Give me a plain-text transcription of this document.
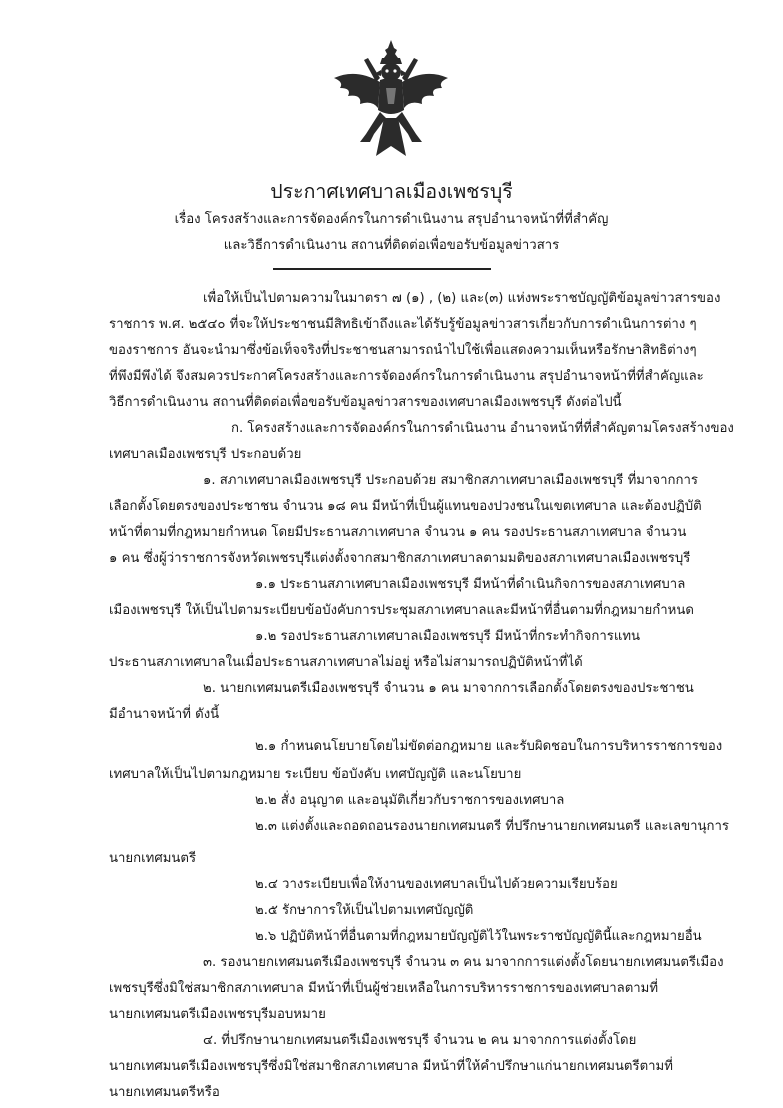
ประกาศเทศบาลเมืองเพชรบุรี
เรื่อง โครงสร้างและการจัดองค์กรในการดำเนินงาน สรุปอำนาจหน้าที่ที่สำคัญ
และวิธีการดำเนินงาน สถานที่ติดต่อเพื่อขอรับข้อมูลข่าวสาร
เพื่อให้เป็นไปตามความในมาตรา ๗ (๑) , (๒) และ(๓) แห่งพระราชบัญญัติข้อมูลข่าวสารของ
ราชการ พ.ศ. ๒๕๔๐ ที่จะให้ประชาชนมีสิทธิเข้าถึงและได้รับรู้ข้อมูลข่าวสารเกี่ยวกับการดำเนินการต่าง ๆ
ของราชการ อันจะนำมาซึ่งข้อเท็จจริงที่ประชาชนสามารถนำไปใช้เพื่อแสดงความเห็นหรือรักษาสิทธิต่างๆ
ที่พึงมีพึงได้ จึงสมควรประกาศโครงสร้างและการจัดองค์กรในการดำเนินงาน สรุปอำนาจหน้าที่ที่สำคัญและ
วิธีการดำเนินงาน สถานที่ติดต่อเพื่อขอรับข้อมูลข่าวสารของเทศบาลเมืองเพชรบุรี ดังต่อไปนี้
ก. โครงสร้างและการจัดองค์กรในการดำเนินงาน อำนาจหน้าที่ที่สำคัญตามโครงสร้างของ
เทศบาลเมืองเพชรบุรี ประกอบด้วย
๑. สภาเทศบาลเมืองเพชรบุรี ประกอบด้วย สมาชิกสภาเทศบาลเมืองเพชรบุรี ที่มาจากการ
เลือกตั้งโดยตรงของประชาชน จำนวน ๑๘ คน มีหน้าที่เป็นผู้แทนของปวงชนในเขตเทศบาล และต้องปฏิบัติ
หน้าที่ตามที่กฎหมายกำหนด โดยมีประธานสภาเทศบาล จำนวน ๑ คน รองประธานสภาเทศบาล จำนวน
๑ คน ซึ่งผู้ว่าราชการจังหวัดเพชรบุรีแต่งตั้งจากสมาชิกสภาเทศบาลตามมติของสภาเทศบาลเมืองเพชรบุรี
๑.๑ ประธานสภาเทศบาลเมืองเพชรบุรี มีหน้าที่ดำเนินกิจการของสภาเทศบาล
เมืองเพชรบุรี ให้เป็นไปตามระเบียบข้อบังคับการประชุมสภาเทศบาลและมีหน้าที่อื่นตามที่กฎหมายกำหนด
๑.๒ รองประธานสภาเทศบาลเมืองเพชรบุรี มีหน้าที่กระทำกิจการแทน
ประธานสภาเทศบาลในเมื่อประธานสภาเทศบาลไม่อยู่ หรือไม่สามารถปฏิบัติหน้าที่ได้
๒. นายกเทศมนตรีเมืองเพชรบุรี จำนวน ๑ คน มาจากการเลือกตั้งโดยตรงของประชาชน
มีอำนาจหน้าที่ ดังนี้
๒.๑ กำหนดนโยบายโดยไม่ขัดต่อกฎหมาย และรับผิดชอบในการบริหารราชการของ
เทศบาลให้เป็นไปตามกฎหมาย ระเบียบ ข้อบังคับ เทศบัญญัติ และนโยบาย
๒.๒ สั่ง อนุญาต และอนุมัติเกี่ยวกับราชการของเทศบาล
๒.๓ แต่งตั้งและถอดถอนรองนายกเทศมนตรี ที่ปรึกษานายกเทศมนตรี และเลขานุการ
นายกเทศมนตรี
๒.๔ วางระเบียบเพื่อให้งานของเทศบาลเป็นไปด้วยความเรียบร้อย
๒.๕ รักษาการให้เป็นไปตามเทศบัญญัติ
๒.๖ ปฏิบัติหน้าที่อื่นตามที่กฎหมายบัญญัติไว้ในพระราชบัญญัตินี้และกฎหมายอื่น
๓. รองนายกเทศมนตรีเมืองเพชรบุรี จำนวน ๓ คน มาจากการแต่งตั้งโดยนายกเทศมนตรีเมือง
เพชรบุรีซึ่งมิใช่สมาชิกสภาเทศบาล มีหน้าที่เป็นผู้ช่วยเหลือในการบริหารราชการของเทศบาลตามที่
นายกเทศมนตรีเมืองเพชรบุรีมอบหมาย
๔. ที่ปรึกษานายกเทศมนตรีเมืองเพชรบุรี จำนวน ๒ คน มาจากการแต่งตั้งโดย
นายกเทศมนตรีเมืองเพชรบุรีซึ่งมิใช่สมาชิกสภาเทศบาล มีหน้าที่ให้คำปรึกษาแก่นายกเทศมนตรีตามที่
นายกเทศมนตรีหรือ
